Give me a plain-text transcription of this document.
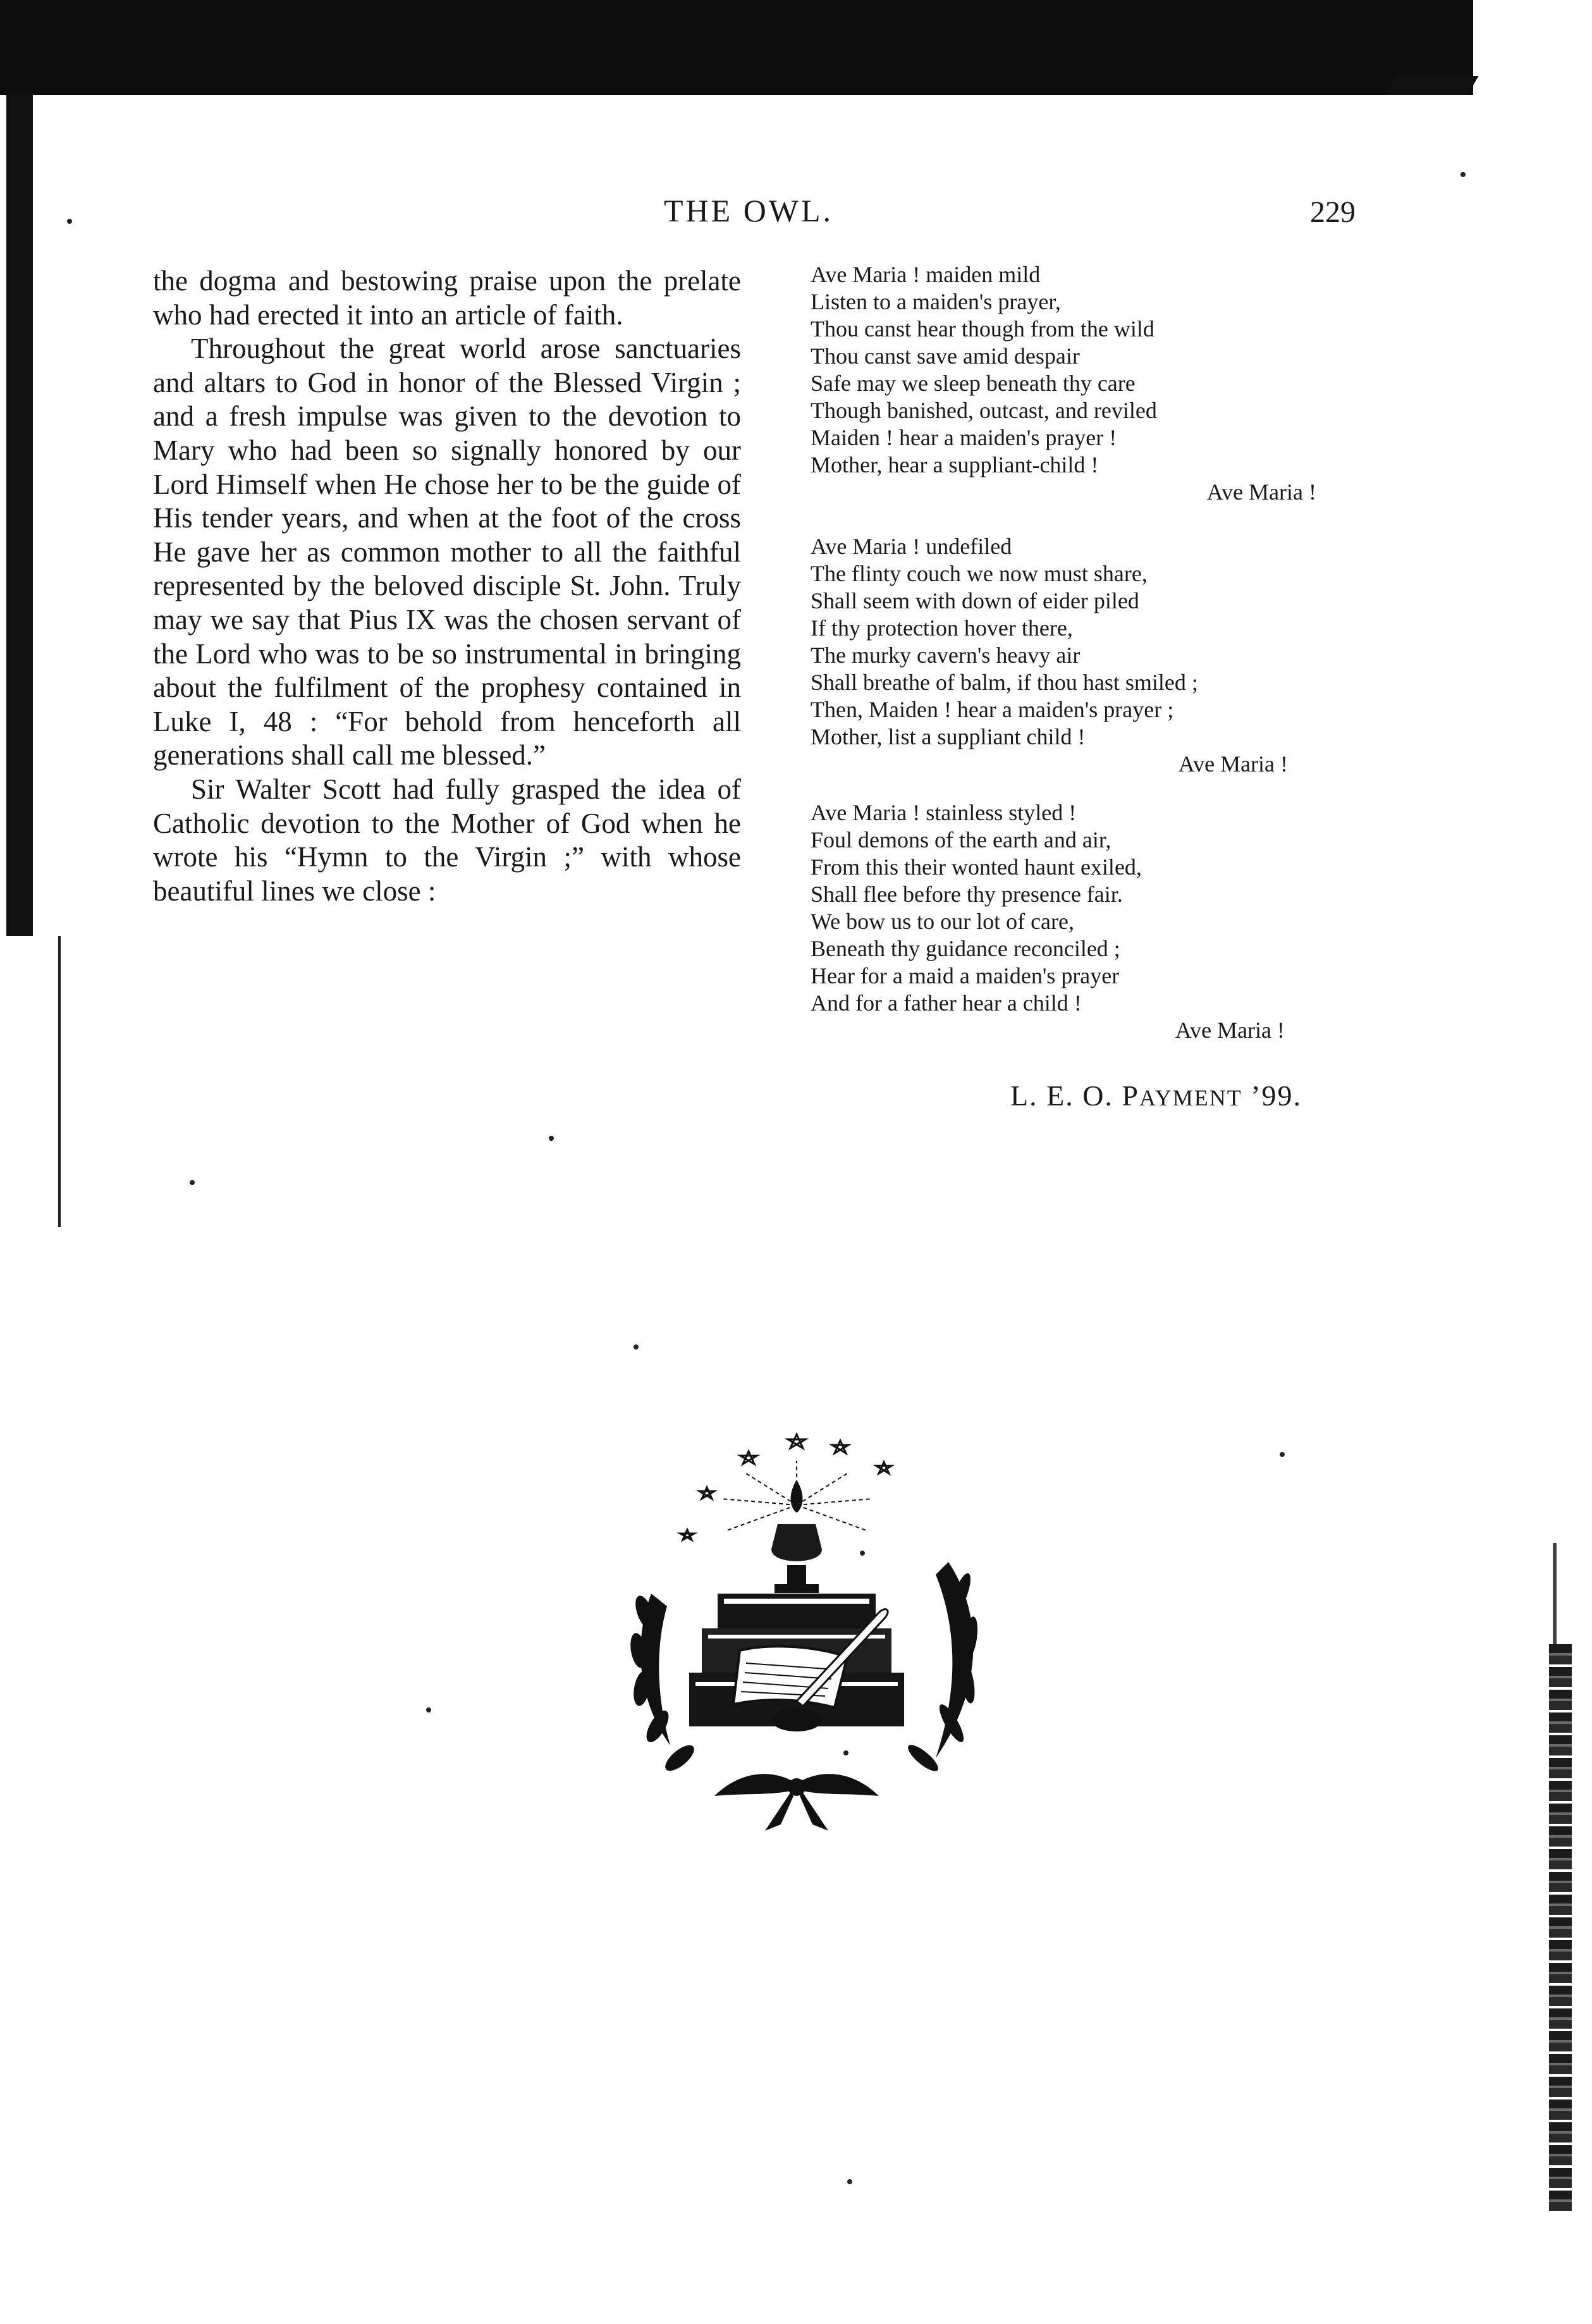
THE OWL.	229

the dogma and bestowing praise upon the prelate who had erected it into an article of faith.

Throughout the great world arose sanctuaries and altars to God in honor of the Blessed Virgin ; and a fresh impulse was given to the devotion to Mary who had been so signally honored by our Lord Himself when He chose her to be the guide of His tender years, and when at the foot of the cross He gave her as common mother to all the faithful represented by the beloved disciple St. John. Truly may we say that Pius IX was the chosen servant of the Lord who was to be so instrumental in bringing about the fulfilment of the prophesy contained in Luke I, 48 : “For behold from henceforth all generations shall call me blessed.”

Sir Walter Scott had fully grasped the idea of Catholic devotion to the Mother of God when he wrote his “Hymn to the Virgin ;” with whose beautiful lines we close :

Ave Maria ! maiden mild
Listen to a maiden's prayer,
Thou canst hear though from the wild
Thou canst save amid despair
Safe may we sleep beneath thy care
Though banished, outcast, and reviled
Maiden ! hear a maiden's prayer !
Mother, hear a suppliant-child !
Ave Maria !
Ave Maria ! undefiled
The flinty couch we now must share,
Shall seem with down of eider piled
If thy protection hover there,
The murky cavern's heavy air
Shall breathe of balm, if thou hast smiled ;
Then, Maiden ! hear a maiden's prayer ;
Mother, list a suppliant child !
Ave Maria !
Ave Maria ! stainless styled !
Foul demons of the earth and air,
From this their wonted haunt exiled,
Shall flee before thy presence fair.
We bow us to our lot of care,
Beneath thy guidance reconciled ;
Hear for a maid a maiden's prayer
And for a father hear a child !
Ave Maria !
L. E. O. PAYMENT ’99.
